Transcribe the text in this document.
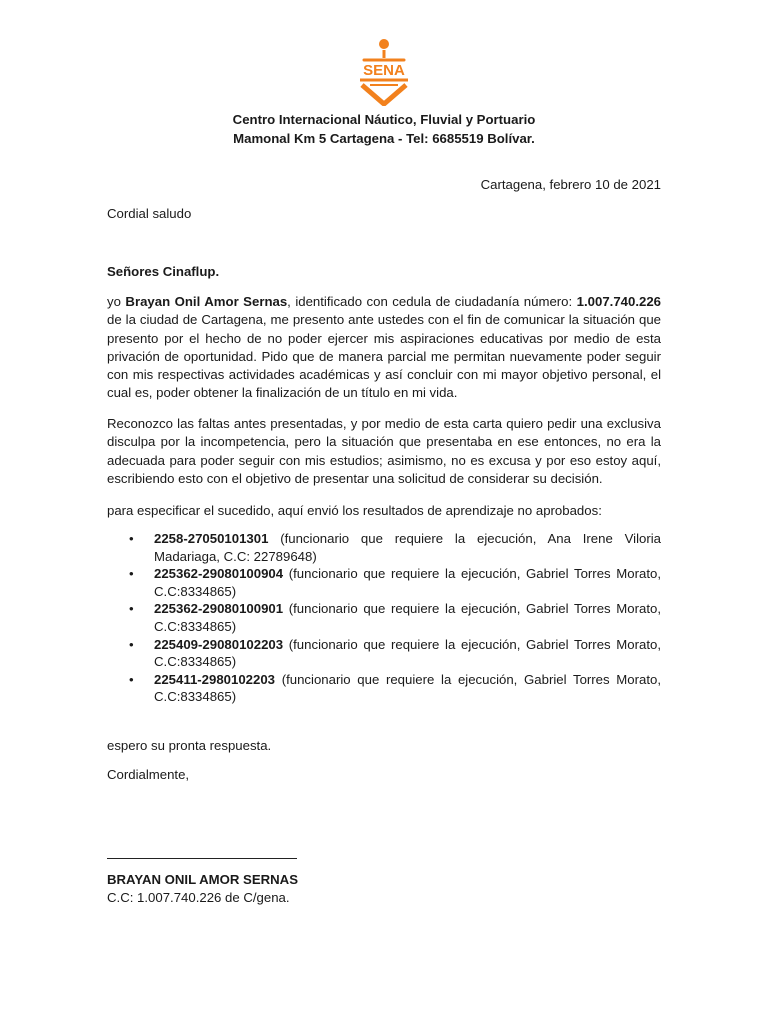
SENA
Centro Internacional Náutico, Fluvial y Portuario
Mamonal Km 5 Cartagena - Tel: 6685519 Bolívar.
Cartagena, febrero 10 de 2021
Cordial saludo
Señores Cinaflup.
yo Brayan Onil Amor Sernas, identificado con cedula de ciudadanía número: 1.007.740.226 de la ciudad de Cartagena, me presento ante ustedes con el fin de comunicar la situación que presento por el hecho de no poder ejercer mis aspiraciones educativas por medio de esta privación de oportunidad. Pido que de manera parcial me permitan nuevamente poder seguir con mis respectivas actividades académicas y así concluir con mi mayor objetivo personal, el cual es, poder obtener la finalización de un título en mi vida.
Reconozco las faltas antes presentadas, y por medio de esta carta quiero pedir una exclusiva disculpa por la incompetencia, pero la situación que presentaba en ese entonces, no era la adecuada para poder seguir con mis estudios; asimismo, no es excusa y por eso estoy aquí, escribiendo esto con el objetivo de presentar una solicitud de considerar su decisión.
para especificar el sucedido, aquí envió los resultados de aprendizaje no aprobados:
• 2258-27050101301 (funcionario que requiere la ejecución, Ana Irene Viloria Madariaga, C.C: 22789648)
• 225362-29080100904 (funcionario que requiere la ejecución, Gabriel Torres Morato, C.C:8334865)
• 225362-29080100901 (funcionario que requiere la ejecución, Gabriel Torres Morato, C.C:8334865)
• 225409-29080102203 (funcionario que requiere la ejecución, Gabriel Torres Morato, C.C:8334865)
• 225411-2980102203 (funcionario que requiere la ejecución, Gabriel Torres Morato, C.C:8334865)
espero su pronta respuesta.
Cordialmente,
BRAYAN ONIL AMOR SERNAS
C.C: 1.007.740.226 de C/gena.
